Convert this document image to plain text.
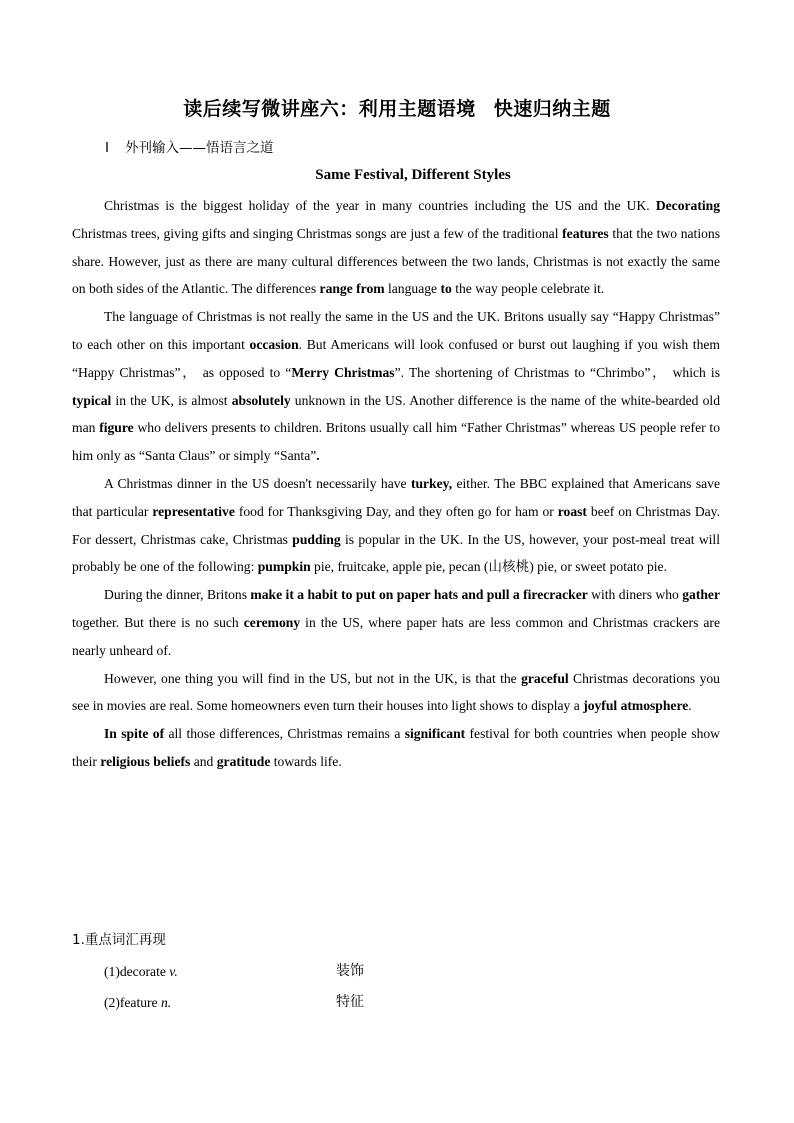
读后续写微讲座六：利用主题语境 快速归纳主题
Ⅰ 外刊输入——悟语言之道
Same Festival, Different Styles

Christmas is the biggest holiday of the year in many countries including the US and the UK. Decorating Christmas trees, giving gifts and singing Christmas songs are just a few of the traditional features that the two nations share. However, just as there are many cultural differences between the two lands, Christmas is not exactly the same on both sides of the Atlantic. The differences range from language to the way people celebrate it.

The language of Christmas is not really the same in the US and the UK. Britons usually say “Happy Christmas” to each other on this important occasion. But Americans will look confused or burst out laughing if you wish them “Happy Christmas”， as opposed to “Merry Christmas”. The shortening of Christmas to “Chrimbo”， which is typical in the UK, is almost absolutely unknown in the US. Another difference is the name of the white-bearded old man figure who delivers presents to children. Britons usually call him “Father Christmas” whereas US people refer to him only as “Santa Claus” or simply “Santa”.

A Christmas dinner in the US doesn't necessarily have turkey, either. The BBC explained that Americans save that particular representative food for Thanksgiving Day, and they often go for ham or roast beef on Christmas Day. For dessert, Christmas cake, Christmas pudding is popular in the UK. In the US, however, your post-meal treat will probably be one of the following: pumpkin pie, fruitcake, apple pie, pecan (山核桃) pie, or sweet potato pie.

During the dinner, Britons make it a habit to put on paper hats and pull a firecracker with diners who gather together. But there is no such ceremony in the US, where paper hats are less common and Christmas crackers are nearly unheard of.

However, one thing you will find in the US, but not in the UK, is that the graceful Christmas decorations you see in movies are real. Some homeowners even turn their houses into light shows to display a joyful atmosphere.

In spite of all those differences, Christmas remains a significant festival for both countries when people show their religious beliefs and gratitude towards life.

1.重点词汇再现
(1)decorate v.	装饰
(2)feature n.	特征
